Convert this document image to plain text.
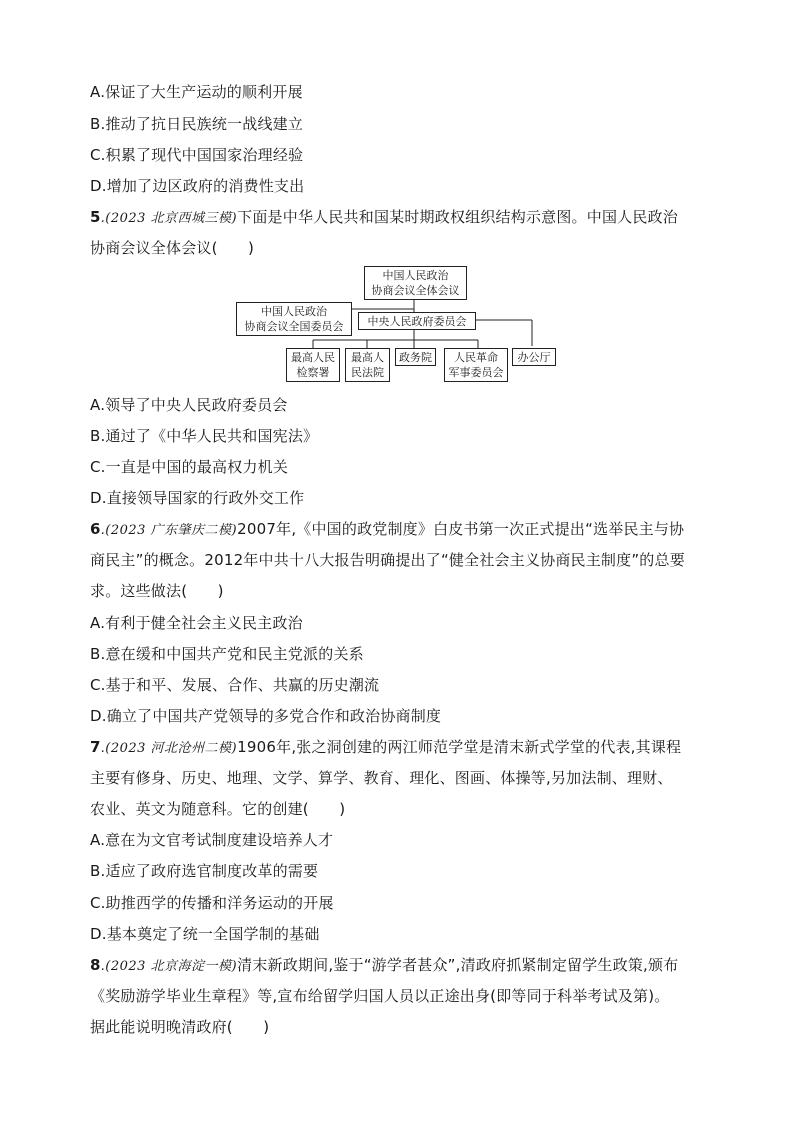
A.保证了大生产运动的顺利开展
B.推动了抗日民族统一战线建立
C.积累了现代中国国家治理经验
D.增加了边区政府的消费性支出
5.(2023 北京西城三模)下面是中华人民共和国某时期政权组织结构示意图。中国人民政治
协商会议全体会议(　　)
中国人民政治
协商会议全体会议
中国人民政治
协商会议全国委员会	中央人民政府委员会
最高人民
检察署
最高人
民法院
政务院	人民革命
军事委员会
办公厅
A.领导了中央人民政府委员会
B.通过了《中华人民共和国宪法》
C.一直是中国的最高权力机关
D.直接领导国家的行政外交工作
6.(2023 广东肇庆二模)2007年,《中国的政党制度》白皮书第一次正式提出“选举民主与协
商民主”的概念。2012年中共十八大报告明确提出了“健全社会主义协商民主制度”的总要
求。这些做法(　　)
A.有利于健全社会主义民主政治
B.意在缓和中国共产党和民主党派的关系
C.基于和平、发展、合作、共赢的历史潮流
D.确立了中国共产党领导的多党合作和政治协商制度
7.(2023 河北沧州二模)1906年,张之洞创建的两江师范学堂是清末新式学堂的代表,其课程
主要有修身、历史、地理、文学、算学、教育、理化、图画、体操等,另加法制、理财、
农业、英文为随意科。它的创建(　　)
A.意在为文官考试制度建设培养人才
B.适应了政府选官制度改革的需要
C.助推西学的传播和洋务运动的开展
D.基本奠定了统一全国学制的基础
8.(2023 北京海淀一模)清末新政期间,鉴于“游学者甚众”,清政府抓紧制定留学生政策,颁布
《奖励游学毕业生章程》等,宣布给留学归国人员以正途出身(即等同于科举考试及第)。
据此能说明晚清政府(　　)
